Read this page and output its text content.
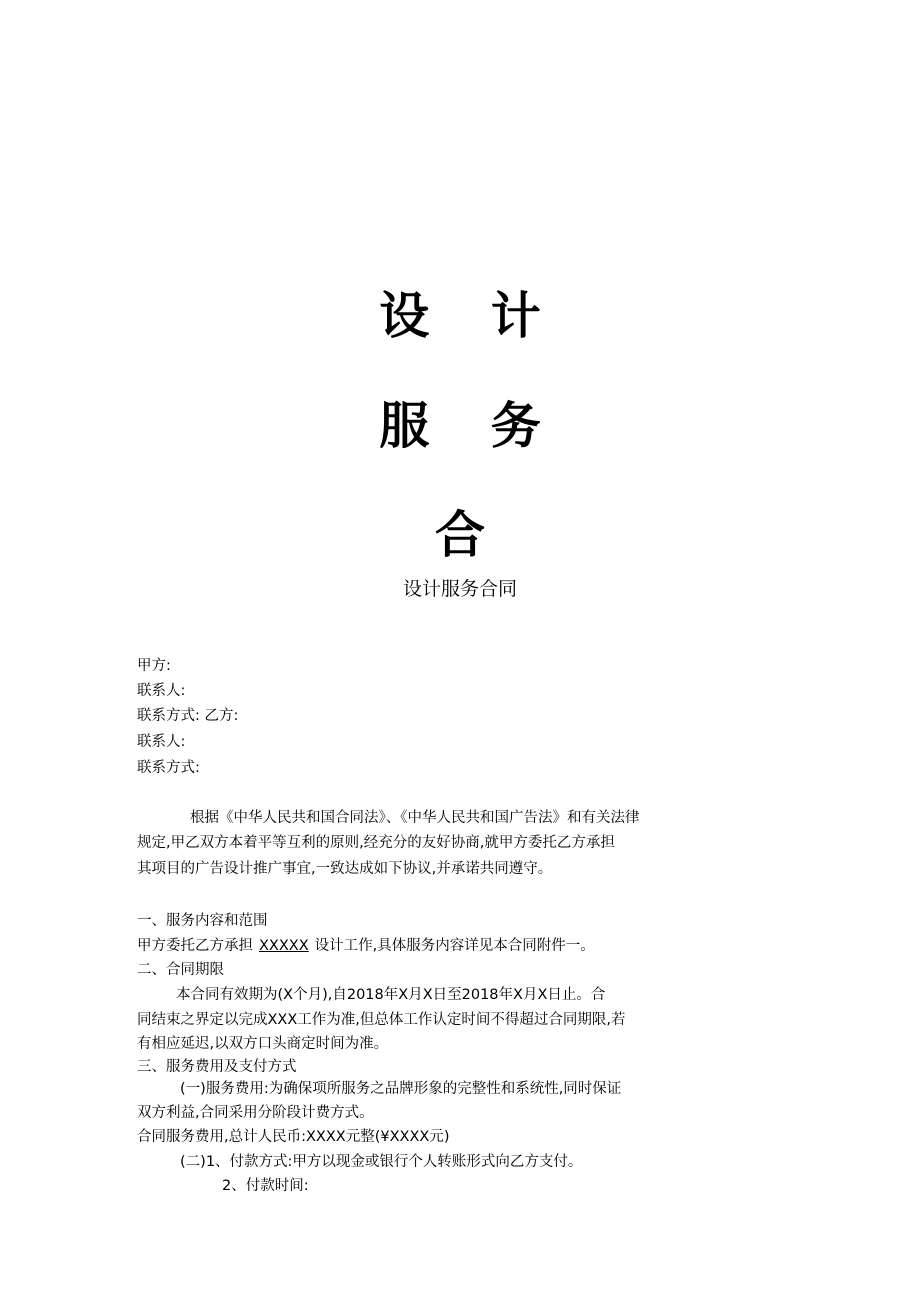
设 计
服 务
合
设计服务合同
甲方:
联系人:
联系方式: 乙方:
联系人:
联系方式:
根据《中华人民共和国合同法》、《中华人民共和国广告法》和有关法律
规定,甲乙双方本着平等互利的原则,经充分的友好协商,就甲方委托乙方承担
其项目的广告设计推广事宜,一致达成如下协议,并承诺共同遵守。
一、服务内容和范围
甲方委托乙方承担 XXXXX 设计工作,具体服务内容详见本合同附件一。
二、合同期限
本合同有效期为(X个月),自2018年X月X日至2018年X月X日止。合
同结束之界定以完成XXX工作为准,但总体工作认定时间不得超过合同期限,若
有相应延迟,以双方口头商定时间为准。
三、服务费用及支付方式
(一)服务费用:为确保项所服务之品牌形象的完整性和系统性,同时保证
双方利益,合同采用分阶段计费方式。
合同服务费用,总计人民币:XXXX元整(¥XXXX元)
(二)1、付款方式:甲方以现金或银行个人转账形式向乙方支付。
2、付款时间:
